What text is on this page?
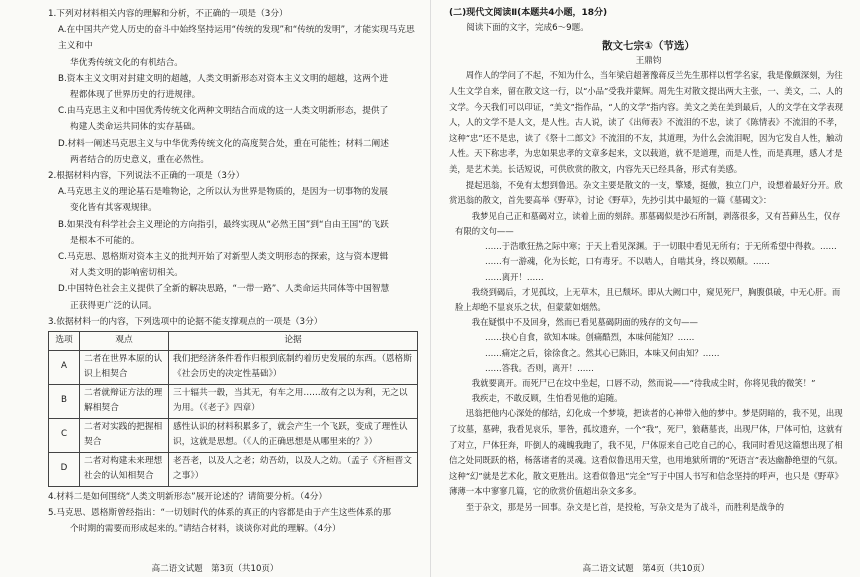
1.下列对材料相关内容的理解和分析，不正确的一项是（3分）

A.在中国共产党人历史的奋斗中始终坚持运用“传统的发现”和“传统的发明”，才能实现马克思主义和中

华优秀传统文化的有机结合。

B.资本主义文明对封建文明的超越，人类文明新形态对资本主义文明的超越，这两个进

程都体现了世界历史的行进规律。

C.由马克思主义和中国优秀传统文化两种文明结合而成的这一人类文明新形态，提供了

构建人类命运共同体的实存基础。

D.材料一阐述马克思主义与中华优秀传统文化的高度契合处，重在可能性；材料二阐述

两者结合的历史意义，重在必然性。

2.根据材料内容，下列说法不正确的一项是（3分）

A.马克思主义的理论基石是唯物论，之所以认为世界是物质的，是因为一切事物的发展

变化皆有其客观规律。

B.如果没有科学社会主义理论的方向指引，最终实现从“必然王国”到“自由王国”的飞跃

是根本不可能的。

C.马克思、恩格斯对资本主义的批判开始了对新型人类文明形态的探索，这与资本逻辑

对人类文明的影响密切相关。

D.中国特色社会主义提供了全新的解决思路，“一带一路”、人类命运共同体等中国智慧

正获得更广泛的认同。

3.依据材料一的内容，下列选项中的论据不能支撑观点的一项是（3分）

选项	观点	论据
A	二者在世界本原的认识上相契合	我们把经济条件看作归根到底制约着历史发展的东西。（恩格斯《社会历史的决定性基础》）
B	二者就辩证方法的理解相契合	三十辐共一毂，当其无，有车之用……故有之以为利，无之以为用。（《老子》四章）
C	二者对实践的把握相契合	感性认识的材料积累多了，就会产生一个飞跃，变成了理性认识，这就是思想。（《人的正确思想是从哪里来的？》）
D	二者对构建未来理想社会的认知相契合	老吾老，以及人之老；幼吾幼，以及人之幼。（孟子《齐桓晋文之事》）

4.材料二是如何围绕“人类文明新形态”展开论述的？请简要分析。（4分）

5.马克思、恩格斯曾经指出：“一切划时代的体系的真正的内容都是由于产生这些体系的那

个时期的需要而形成起来的。”请结合材料，谈谈你对此的理解。（4分）

高二语文试题　第3页（共10页）
(二)现代文阅读Ⅱ(本题共4小题，18分)

阅读下面的文字，完成6～9题。

散文七宗①（节选）

王鼎钧

周作人的学问了不起，不知为什么，当年梁启超著豫蒋反兰先生那样以哲学名家，我是像颇深刻，为往人生文学自来，留在散文这一行，以“小品”受我并蒙辉。周先生对散文提出两大主张，一、美文，二、人的文学。今天我们可以印证，“美文”指作品，“人的文学”指内容。美文之美在美到最后，人的文学在文学表现人，人的文学不是人文，是人性。古人说，读了《出师表》不流泪的不忠，读了《陈情表》不流泪的不孝，这种“忠”还不是忠，读了《祭十二郎文》不流泪的不友，其道理，为什么会流泪呢，因为它发自人性，触动人性。天下称忠孝，为忠如果忠孝的文章多起来，文以载道，就不是道理，而是人性，而是真理，感人才是美，是艺术美。长话短说，可供欣赏的散文，内容先天已经具备，形式有美感。

提起迅翁，不免有太想到鲁迅。杂文主要是散文的一支，擎矮，挺傲，独立门户，设想着最好分开。欣赏迅翁的散文，首先要高举《野草》，讨论《野草》，先抄引其中最短的一篇《墓碣文》：

我梦见自己正和墓碣对立，读着上面的刻辞。那墓碣似是沙石所制，剥落很多，又有苔藓丛生，仅存有限的文句——

……于浩歌狂热之际中寒；于天上看见深渊。于一切眼中看见无所有；于无所希望中得救。……

……有一游魂，化为长蛇，口有毒牙。不以啮人，自啮其身，终以殒颠。……

……离开！……

我绕到碣后，才见孤坟，上无草木，且已颓坏。即从大阙口中，窥见死尸，胸腹俱破，中无心肝。而脸上却绝不显哀乐之状，但蒙蒙如烟然。

我在疑惧中不及回身，然而已看见墓碣阴面的残存的文句——

……抉心自食，欲知本味。创痛酷烈，本味何能知？……

……痛定之后，徐徐食之。然其心已陈旧，本味又何由知？……

……答我。否则，离开！……

我就要离开。而死尸已在坟中坐起，口唇不动，然而说——“待我成尘时，你将见我的微笑！”

我疾走，不敢反顾，生怕看见他的追随。

迅翁把他内心深处的郁结，幻化成一个梦境，把读者的心神带入他的梦中。梦是阴暗的，我不见，出现了坟墓，墓碑，我看见哀乐，罪咎，孤坟遗弃，一个“我”，死尸，狼藉墓丧，出现尸体，尸体可怕，这就有了对立，尸体狂奔，吓倒人的魂魄我跑了，我不见，尸体原来自己吃自己的心，我同时看见这篇想出现了相信之处同既跃的格，杨落诸者的灵魂。这看似鲁迅用天堂，也用地狱所谓的“死语言”表达幽静绝望的气氛。这种“幻”就是艺术化，散文更胜出。这看似鲁迅“完全”写于中国人书写和信念坚持的呼声，也只是《野草》薄薄一本中寥寥几篇，它的欣赏价值超出杂文多多。

至于杂文，那是另一回事。杂文是匕首，是投枪，写杂文是为了战斗，而胜利是战争的

高二语文试题　第4页（共10页）
